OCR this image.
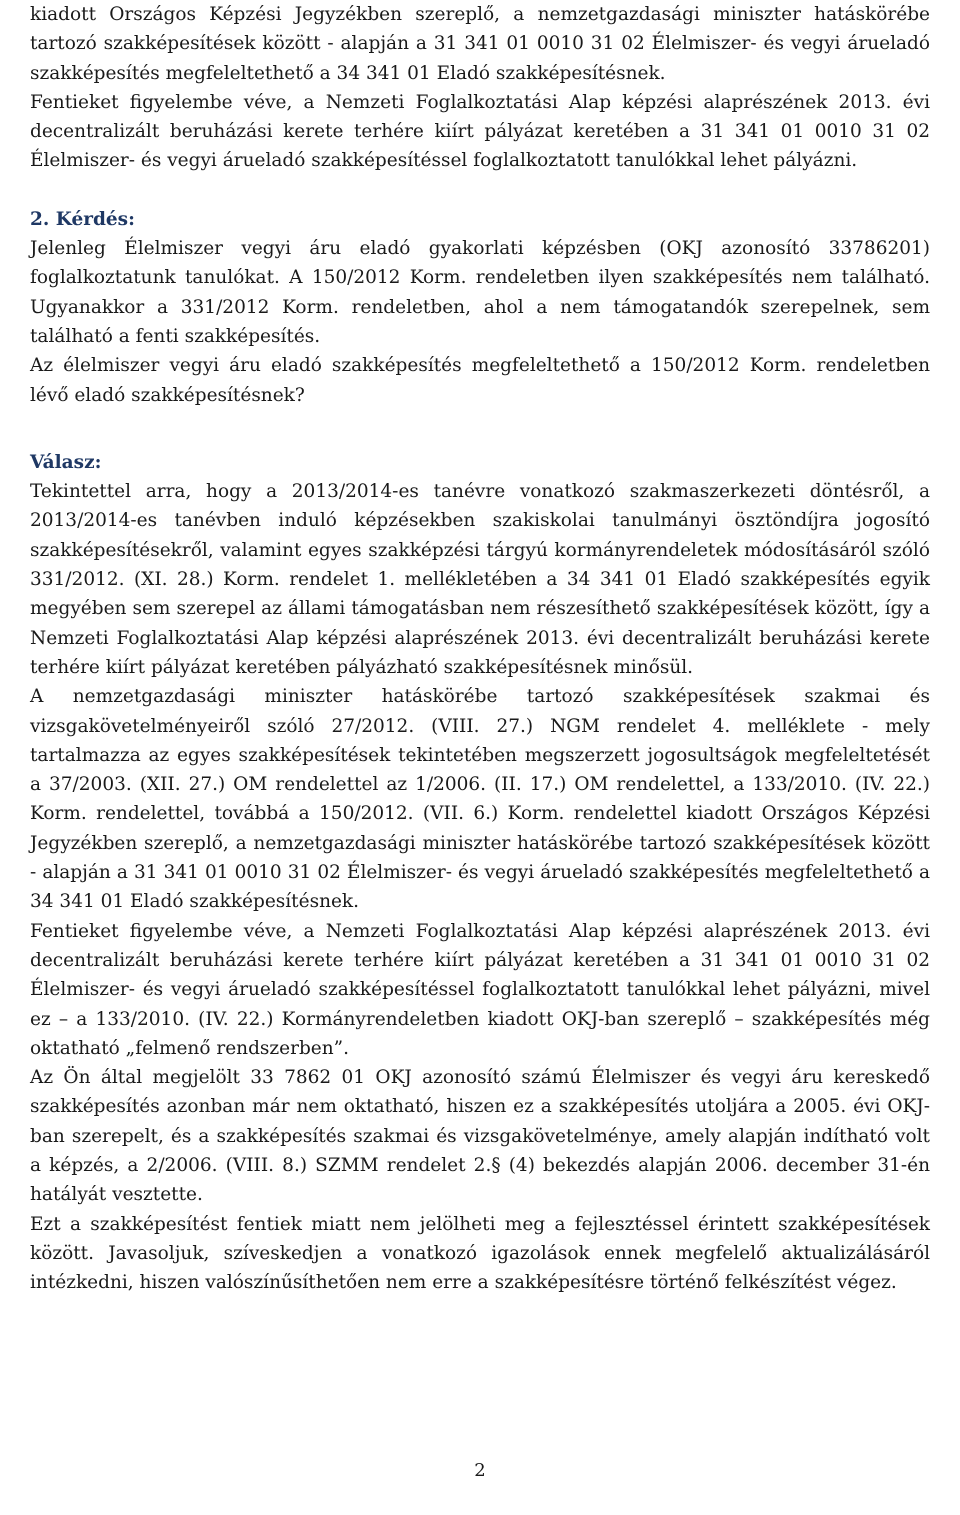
kiadott Országos Képzési Jegyzékben szereplő, a nemzetgazdasági miniszter hatáskörébe tartozó szakképesítések között - alapján a 31 341 01 0010 31 02 Élelmiszer- és vegyi árueladó szakképesítés megfeleltethető a 34 341 01 Eladó szakképesítésnek.

Fentieket figyelembe véve, a Nemzeti Foglalkoztatási Alap képzési alaprészének 2013. évi decentralizált beruházási kerete terhére kiírt pályázat keretében a 31 341 01 0010 31 02 Élelmiszer- és vegyi árueladó szakképesítéssel foglalkoztatott tanulókkal lehet pályázni.

2. Kérdés:

Jelenleg Élelmiszer vegyi áru eladó gyakorlati képzésben (OKJ azonosító 33786201) foglalkoztatunk tanulókat. A 150/2012 Korm. rendeletben ilyen szakképesítés nem található. Ugyanakkor a 331/2012 Korm. rendeletben, ahol a nem támogatandók szerepelnek, sem található a fenti szakképesítés.

Az élelmiszer vegyi áru eladó szakképesítés megfeleltethető a 150/2012 Korm. rendeletben lévő eladó szakképesítésnek?

Válasz:

Tekintettel arra, hogy a 2013/2014-es tanévre vonatkozó szakmaszerkezeti döntésről, a 2013/2014-es tanévben induló képzésekben szakiskolai tanulmányi ösztöndíjra jogosító szakképesítésekről, valamint egyes szakképzési tárgyú kormányrendeletek módosításáról szóló 331/2012. (XI. 28.) Korm. rendelet 1. mellékletében a 34 341 01 Eladó szakképesítés egyik megyében sem szerepel az állami támogatásban nem részesíthető szakképesítések között, így a Nemzeti Foglalkoztatási Alap képzési alaprészének 2013. évi decentralizált beruházási kerete terhére kiírt pályázat keretében pályázható szakképesítésnek minősül.

A nemzetgazdasági miniszter hatáskörébe tartozó szakképesítések szakmai és vizsgakövetelményeiről szóló 27/2012. (VIII. 27.) NGM rendelet 4. melléklete - mely tartalmazza az egyes szakképesítések tekintetében megszerzett jogosultságok megfeleltetését a 37/2003. (XII. 27.) OM rendelettel az 1/2006. (II. 17.) OM rendelettel, a 133/2010. (IV. 22.) Korm. rendelettel, továbbá a 150/2012. (VII. 6.) Korm. rendelettel kiadott Országos Képzési Jegyzékben szereplő, a nemzetgazdasági miniszter hatáskörébe tartozó szakképesítések között - alapján a 31 341 01 0010 31 02 Élelmiszer- és vegyi árueladó szakképesítés megfeleltethető a 34 341 01 Eladó szakképesítésnek.

Fentieket figyelembe véve, a Nemzeti Foglalkoztatási Alap képzési alaprészének 2013. évi decentralizált beruházási kerete terhére kiírt pályázat keretében a 31 341 01 0010 31 02 Élelmiszer- és vegyi árueladó szakképesítéssel foglalkoztatott tanulókkal lehet pályázni, mivel ez – a 133/2010. (IV. 22.) Kormányrendeletben kiadott OKJ-ban szereplő – szakképesítés még oktatható „felmenő rendszerben”.

Az Ön által megjelölt 33 7862 01 OKJ azonosító számú Élelmiszer és vegyi áru kereskedő szakképesítés azonban már nem oktatható, hiszen ez a szakképesítés utoljára a 2005. évi OKJ-ban szerepelt, és a szakképesítés szakmai és vizsgakövetelménye, amely alapján indítható volt a képzés, a 2/2006. (VIII. 8.) SZMM rendelet 2.§ (4) bekezdés alapján 2006. december 31-én hatályát vesztette.

Ezt a szakképesítést fentiek miatt nem jelölheti meg a fejlesztéssel érintett szakképesítések között. Javasoljuk, szíveskedjen a vonatkozó igazolások ennek megfelelő aktualizálásáról intézkedni, hiszen valószínűsíthetően nem erre a szakképesítésre történő felkészítést végez.

2
